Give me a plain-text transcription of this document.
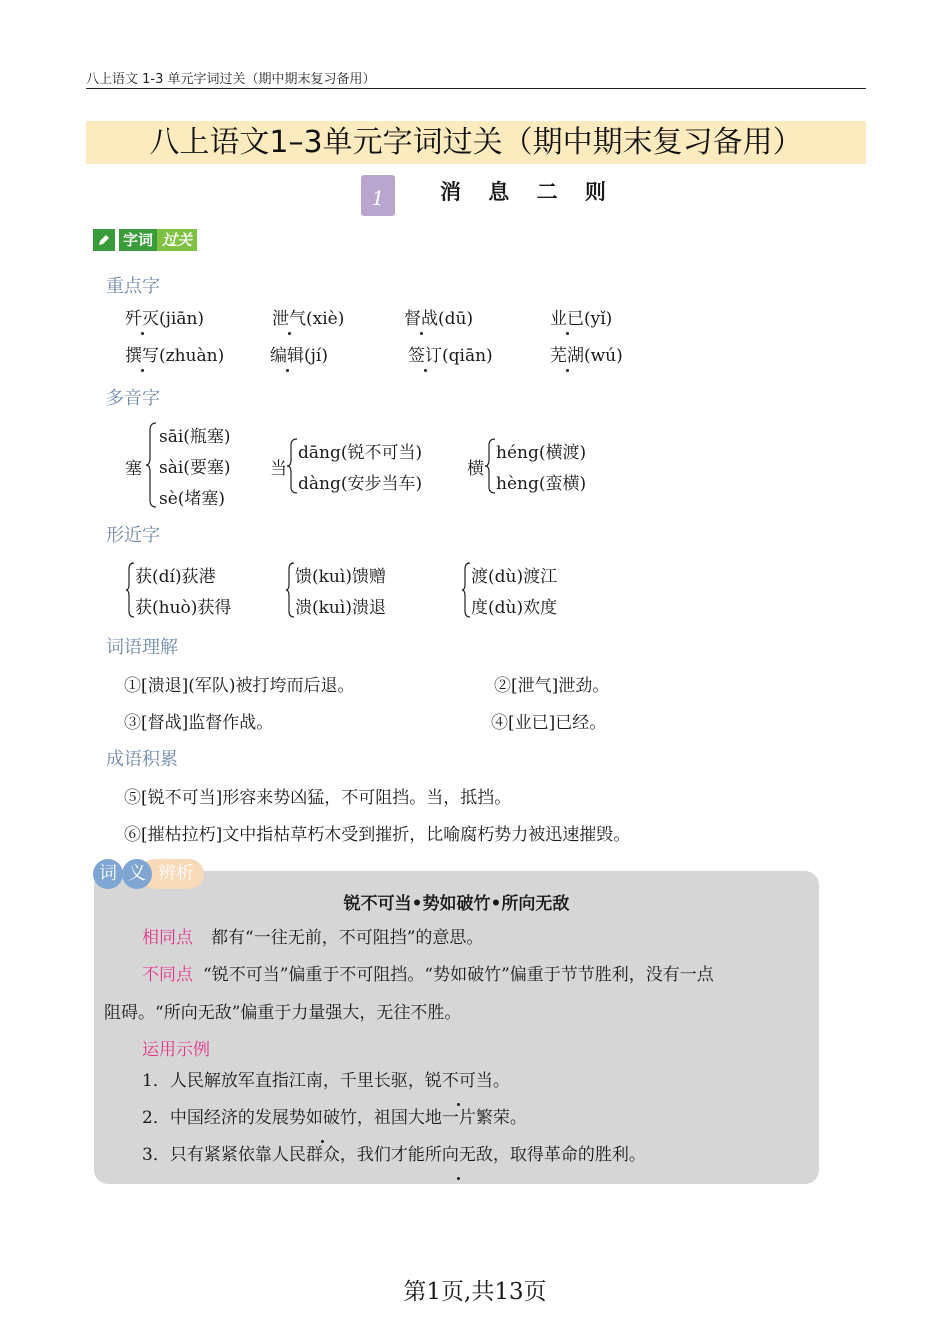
八上语文 1-3 单元字词过关（期中期末复习备用）
八上语文1–3单元字词过关（期中期末复习备用）
1	消 息 二 则
字词 过关
重点字
歼灭(jiān)	泄气(xiè)	督战(dū)	业已(yǐ)
撰写(zhuàn)	编辑(jí)	签订(qiān)	芜湖(wú)
多音字
塞
sāi(瓶塞)
sài(要塞)
sè(堵塞)
当
dāng(锐不可当)
dàng(安步当车)
横
héng(横渡)
hèng(蛮横)
形近字
获(dí)荻港
获(huò)获得
馈(kuì)馈赠
溃(kuì)溃退
渡(dù)渡江
度(dù)欢度
词语理解
①[溃退](军队)被打垮而后退。	②[泄气]泄劲。
③[督战]监督作战。	④[业已]已经。
成语积累
⑤[锐不可当]形容来势凶猛，不可阻挡。当，抵挡。
⑥[摧枯拉朽]文中指枯草朽木受到摧折，比喻腐朽势力被迅速摧毁。
辨析
词 义
锐不可当•势如破竹•所向无敌
相同点 都有“一往无前，不可阻挡”的意思。
不同点 “锐不可当”偏重于不可阻挡。“势如破竹”偏重于节节胜利，没有一点
阻碍。“所向无敌”偏重于力量强大，无往不胜。
运用示例
1．人民解放军直指江南，千里长驱，锐不可当。
2．中国经济的发展势如破竹，祖国大地一片繁荣。
3．只有紧紧依靠人民群众，我们才能所向无敌，取得革命的胜利。
第1页,共13页
